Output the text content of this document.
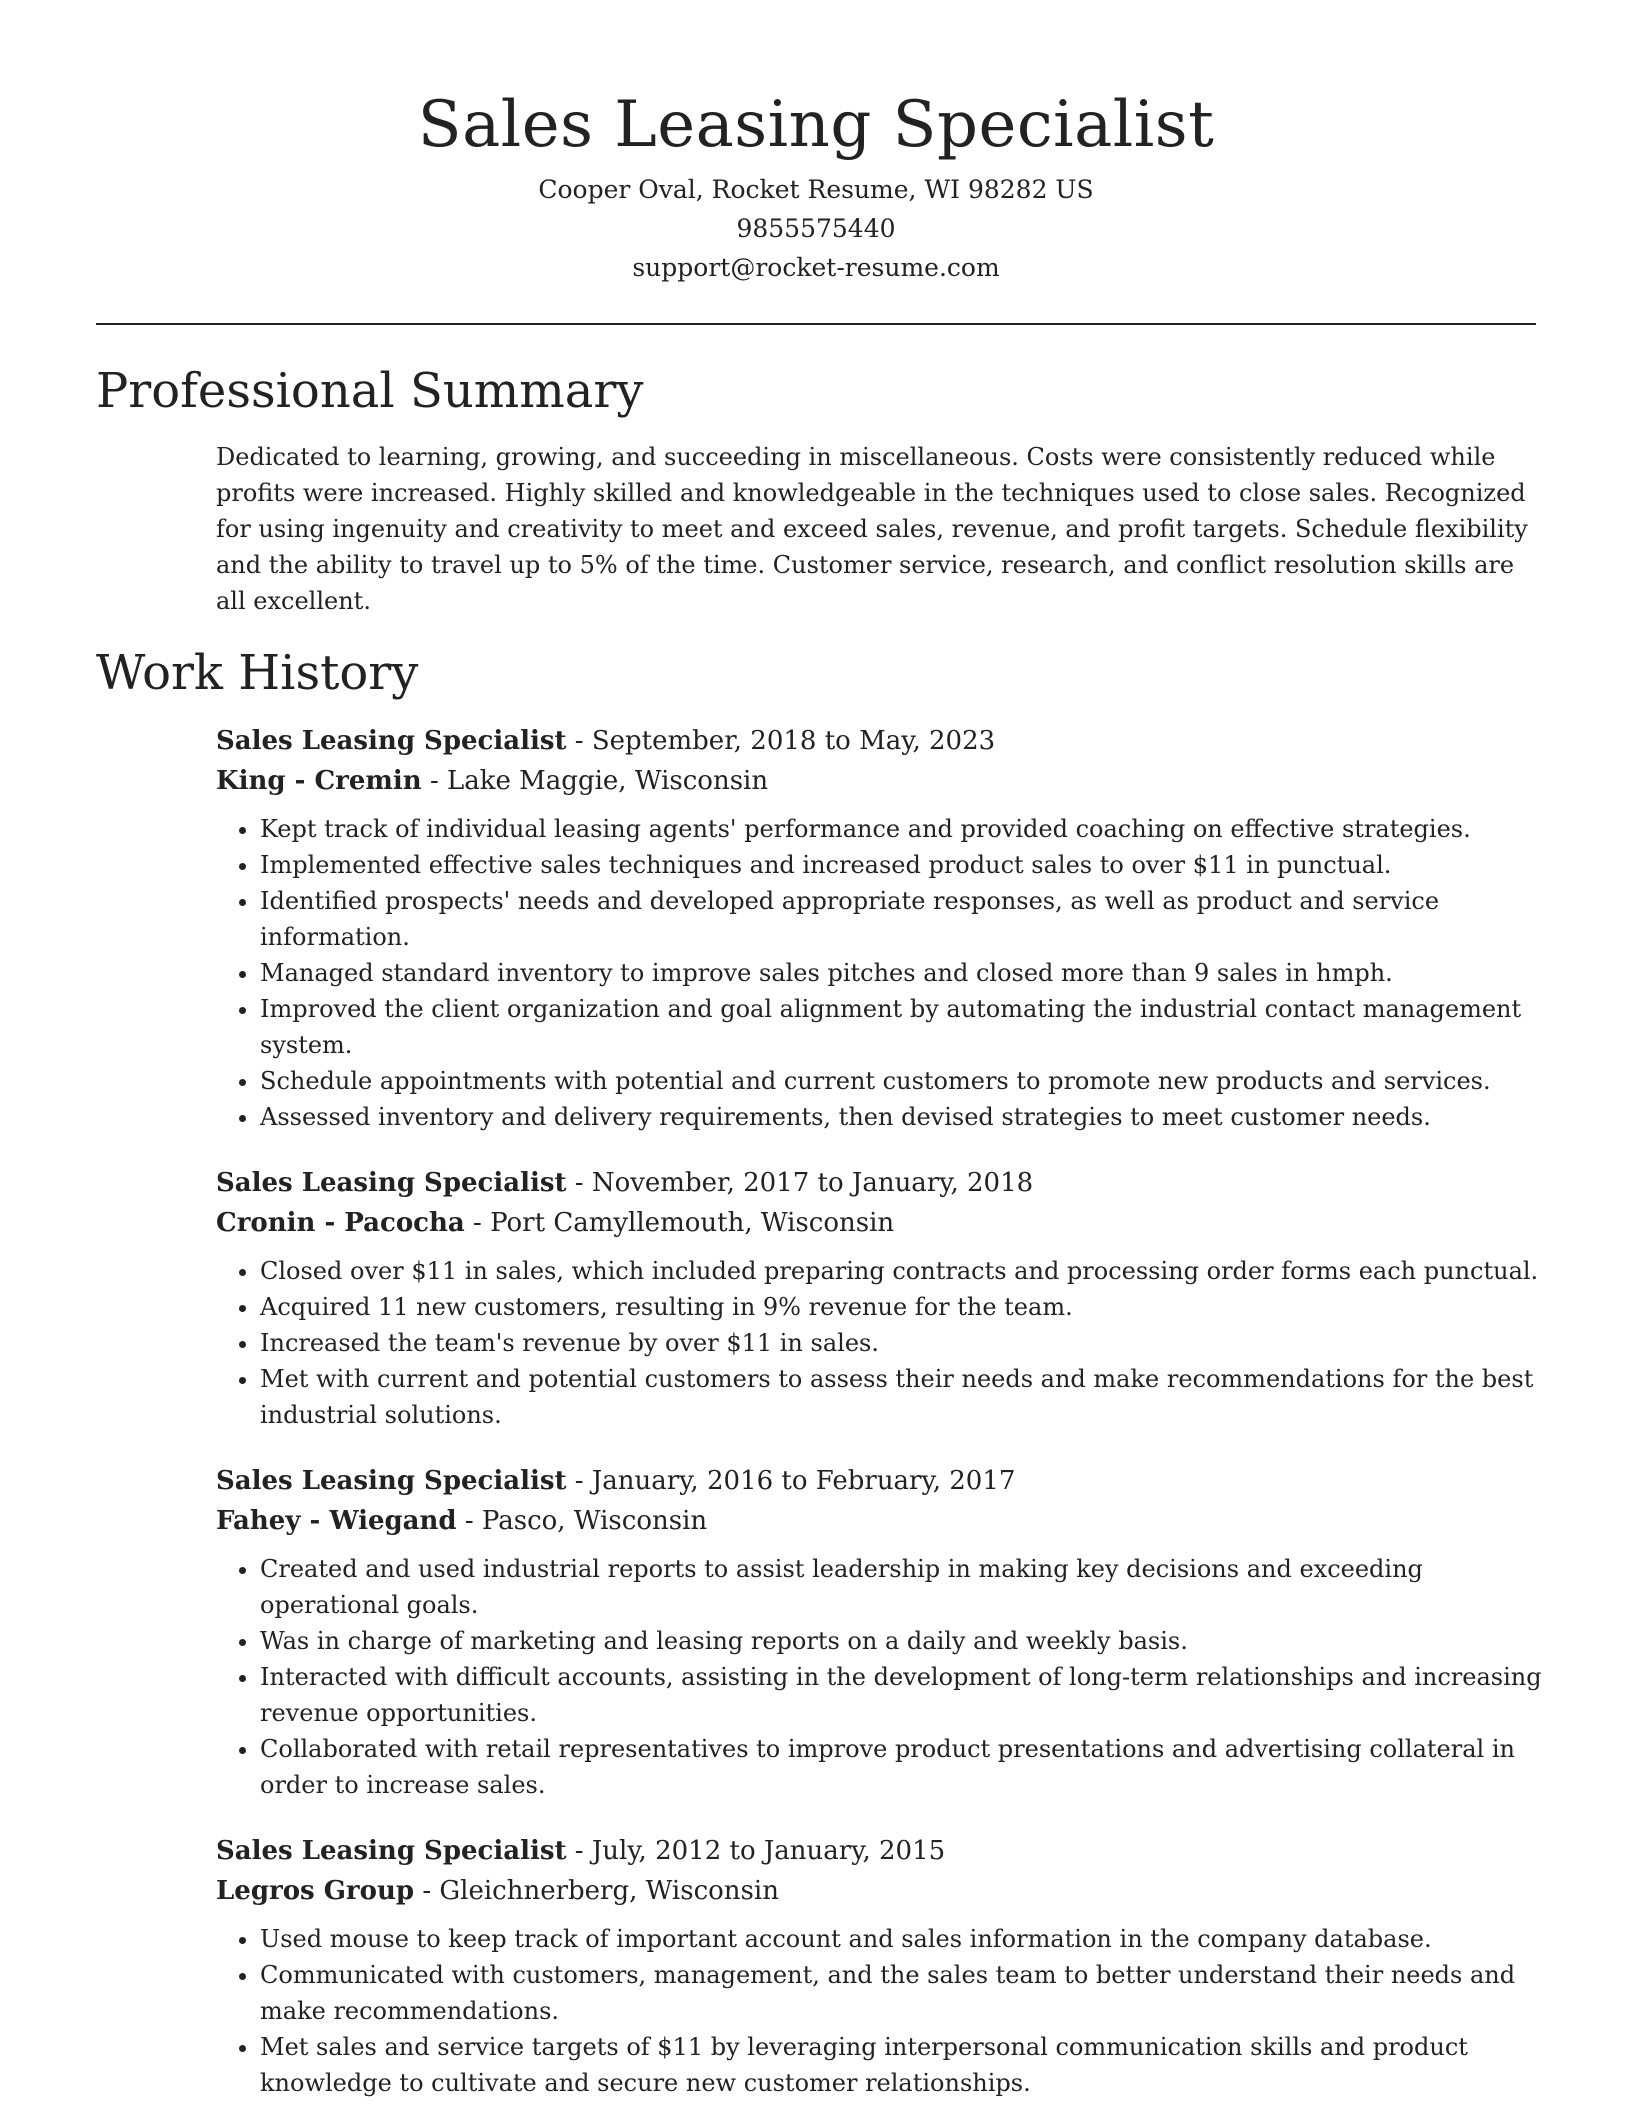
Sales Leasing Specialist

Cooper Oval, Rocket Resume, WI 98282 US

9855575440

support@rocket-resume.com

Professional Summary

Dedicated to learning, growing, and succeeding in miscellaneous. Costs were consistently reduced while profits were increased. Highly skilled and knowledgeable in the techniques used to close sales. Recognized for using ingenuity and creativity to meet and exceed sales, revenue, and profit targets. Schedule flexibility and the ability to travel up to 5% of the time. Customer service, research, and conflict resolution skills are all excellent.

Work History

Sales Leasing Specialist - September, 2018 to May, 2023

King - Cremin - Lake Maggie, Wisconsin

• Kept track of individual leasing agents' performance and provided coaching on effective strategies.
• Implemented effective sales techniques and increased product sales to over $11 in punctual.
• Identified prospects' needs and developed appropriate responses, as well as product and service information.
• Managed standard inventory to improve sales pitches and closed more than 9 sales in hmph.
• Improved the client organization and goal alignment by automating the industrial contact management system.
• Schedule appointments with potential and current customers to promote new products and services.
• Assessed inventory and delivery requirements, then devised strategies to meet customer needs.

Sales Leasing Specialist - November, 2017 to January, 2018

Cronin - Pacocha - Port Camyllemouth, Wisconsin

• Closed over $11 in sales, which included preparing contracts and processing order forms each punctual.
• Acquired 11 new customers, resulting in 9% revenue for the team.
• Increased the team's revenue by over $11 in sales.
• Met with current and potential customers to assess their needs and make recommendations for the best industrial solutions.

Sales Leasing Specialist - January, 2016 to February, 2017

Fahey - Wiegand - Pasco, Wisconsin

• Created and used industrial reports to assist leadership in making key decisions and exceeding operational goals.
• Was in charge of marketing and leasing reports on a daily and weekly basis.
• Interacted with difficult accounts, assisting in the development of long-term relationships and increasing revenue opportunities.
• Collaborated with retail representatives to improve product presentations and advertising collateral in order to increase sales.

Sales Leasing Specialist - July, 2012 to January, 2015

Legros Group - Gleichnerberg, Wisconsin

• Used mouse to keep track of important account and sales information in the company database.
• Communicated with customers, management, and the sales team to better understand their needs and make recommendations.
• Met sales and service targets of $11 by leveraging interpersonal communication skills and product knowledge to cultivate and secure new customer relationships.
